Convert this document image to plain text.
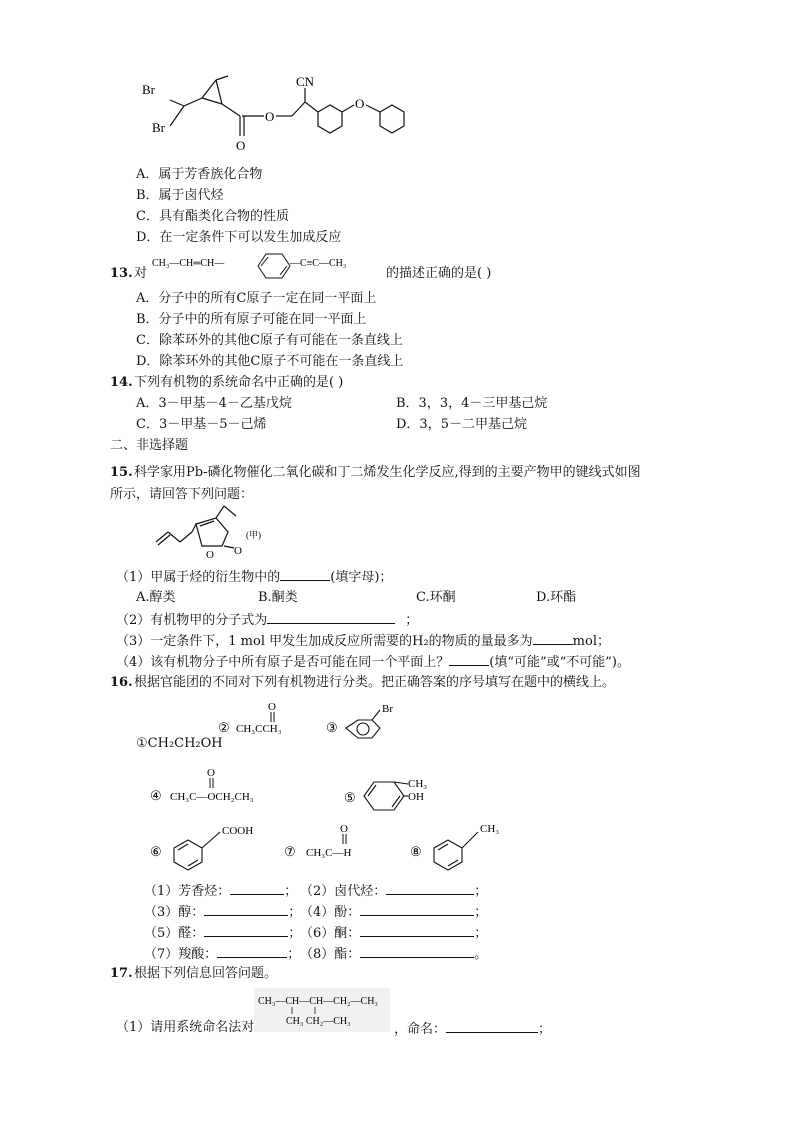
Br
Br
O
O
CN
O
A．属于芳香族化合物
B．属于卤代烃
C．具有酯类化合物的性质
D．在一定条件下可以发生加成反应
13. 对
CH₃—CH═CH—	—C≡C—CH₃
的描述正确的是( )
A．分子中的所有C原子一定在同一平面上
B．分子中的所有原子可能在同一平面上
C．除苯环外的其他C原子有可能在一条直线上
D．除苯环外的其他C原子不可能在一条直线上
14. 下列有机物的系统命名中正确的是( )
A．3－甲基－4－乙基戊烷	B．3，3，4－三甲基己烷
C．3－甲基－5－己烯	D．3，5－二甲基己烷
二、非选择题
15. 科学家用Pb-磷化物催化二氧化碳和丁二烯发生化学反应,得到的主要产物甲的键线式如图
所示，请回答下列问题：
O O
(甲)
（1）甲属于烃的衍生物中的	(填字母)；
A.醇类	B.酮类	C.环酮	D.环酯
（2）有机物甲的分子式为	；
（3）一定条件下，1 mol 甲发生加成反应所需要的H₂的物质的量最多为	mol；
（4）该有机物分子中所有原子是否可能在同一个平面上？	(填“可能”或“不可能”)。
16. 根据官能团的不同对下列有机物进行分类。把正确答案的序号填写在题中的横线上。
①CH₂CH₂OH
②
O
CH₃CCH₃	③
Br
④
O
CH₃C—OCH₂CH₃	⑤
CH₃
OH
⑥
COOH
⑦
O
CH₃C—H	⑧
CH₃
（1）芳香烃：	； （2）卤代烃：	；
（3）醇：	；
（4）酚：	；
（5）醛：	；
（6）酮：	；
（7）羧酸：	； （8）酯：	。
17. 根据下列信息回答问题。
CH₃—CH—CH—CH₂—CH₃
CH₃ CH₂—CH₃
（1）请用系统命名法对	，命名：	；
